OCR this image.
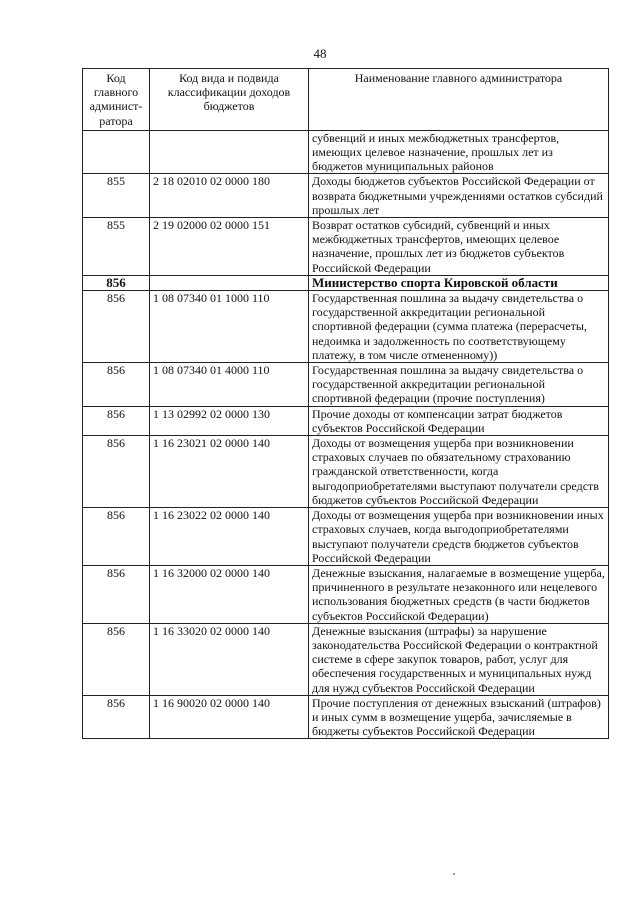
48
Код главного админист-ратора	Код вида и подвида классификации доходов бюджетов	Наименование главного администратора
		субвенций и иных межбюджетных трансфертов, имеющих целевое назначение, прошлых лет из бюджетов муниципальных районов
855	2 18 02010 02 0000 180	Доходы бюджетов субъектов Российской Федерации от возврата бюджетными учреждениями остатков субсидий прошлых лет
855	2 19 02000 02 0000 151	Возврат остатков субсидий, субвенций и иных межбюджетных трансфертов, имеющих целевое назначение, прошлых лет из бюджетов субъектов Российской Федерации
856		Министерство спорта Кировской области
856	1 08 07340 01 1000 110	Государственная пошлина за выдачу свидетельства о государственной аккредитации региональной спортивной федерации (сумма платежа (перерасчеты, недоимка и задолженность по соответствующему платежу, в том числе отмененному))
856	1 08 07340 01 4000 110	Государственная пошлина за выдачу свидетельства о государственной аккредитации региональной спортивной федерации (прочие поступления)
856	1 13 02992 02 0000 130	Прочие доходы от компенсации затрат бюджетов субъектов Российской Федерации
856	1 16 23021 02 0000 140	Доходы от возмещения ущерба при возникновении страховых случаев по обязательному страхованию гражданской ответственности, когда выгодоприобретателями выступают получатели средств бюджетов субъектов Российской Федерации
856	1 16 23022 02 0000 140	Доходы от возмещения ущерба при возникновении иных страховых случаев, когда выгодоприобретателями выступают получатели средств бюджетов субъектов Российской Федерации
856	1 16 32000 02 0000 140	Денежные взыскания, налагаемые в возмещение ущерба, причиненного в результате незаконного или нецелевого использования бюджетных средств (в части бюджетов субъектов Российской Федерации)
856	1 16 33020 02 0000 140	Денежные взыскания (штрафы) за нарушение законодательства Российской Федерации о контрактной системе в сфере закупок товаров, работ, услуг для обеспечения государственных и муниципальных нужд для нужд субъектов Российской Федерации
856	1 16 90020 02 0000 140	Прочие поступления от денежных взысканий (штрафов) и иных сумм в возмещение ущерба, зачисляемые в бюджеты субъектов Российской Федерации
